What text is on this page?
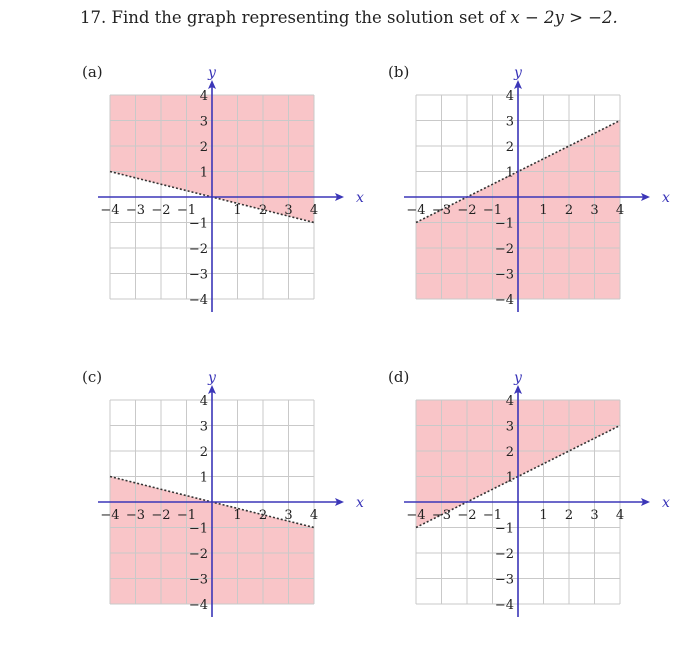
17. Find the graph representing the solution set of x − 2y > −2.
(a)
x
y
−4
−4
−3
−3
−2
−2
−1
−1
1
1
2
2
3
3
4
4
(b)
x
y
−4
−4
−3
−3
−2
−2
−1
−1
1
1
2
2
3
3
4
4
(c)
x
y
−4
−4
−3
−3
−2
−2
−1
−1
1
1
2
2
3
3
4
4
(d)
x
y
−4
−4
−3
−3
−2
−2
−1
−1
1
1
2
2
3
3
4
4
